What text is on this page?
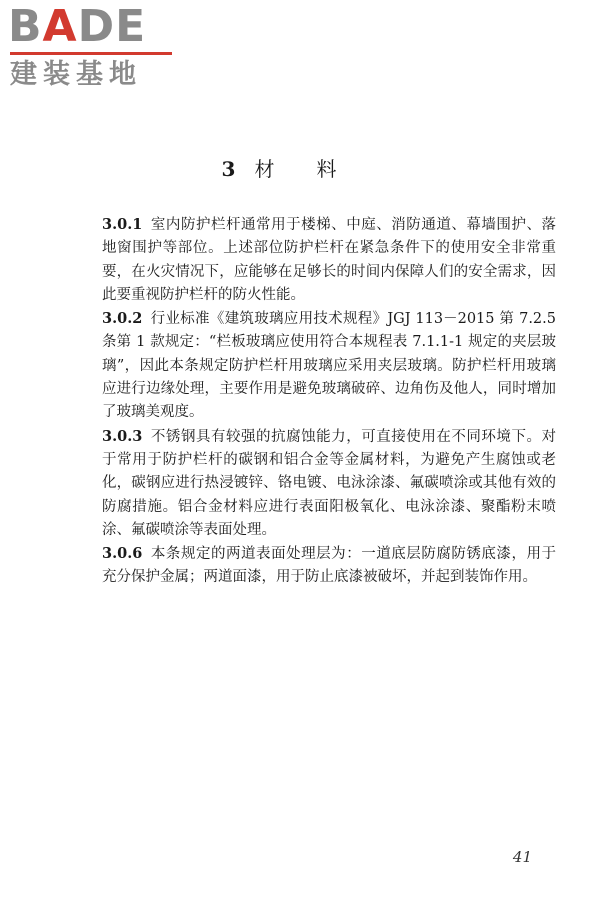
BADE
建装基地
3 材料

3.0.1 室内防护栏杆通常用于楼梯、中庭、消防通道、幕墙围护、落地窗围护等部位。上述部位防护栏杆在紧急条件下的使用安全非常重要，在火灾情况下，应能够在足够长的时间内保障人们的安全需求，因此要重视防护栏杆的防火性能。

3.0.2 行业标准《建筑玻璃应用技术规程》JGJ 113－2015 第 7.2.5 条第 1 款规定：“栏板玻璃应使用符合本规程表 7.1.1-1 规定的夹层玻璃”，因此本条规定防护栏杆用玻璃应采用夹层玻璃。防护栏杆用玻璃应进行边缘处理，主要作用是避免玻璃破碎、边角伤及他人，同时增加了玻璃美观度。

3.0.3 不锈钢具有较强的抗腐蚀能力，可直接使用在不同环境下。对于常用于防护栏杆的碳钢和铝合金等金属材料，为避免产生腐蚀或老化，碳钢应进行热浸镀锌、铬电镀、电泳涂漆、氟碳喷涂或其他有效的防腐措施。铝合金材料应进行表面阳极氧化、电泳涂漆、聚酯粉末喷涂、氟碳喷涂等表面处理。

3.0.6 本条规定的两道表面处理层为：一道底层防腐防锈底漆，用于充分保护金属；两道面漆，用于防止底漆被破坏，并起到装饰作用。

41
